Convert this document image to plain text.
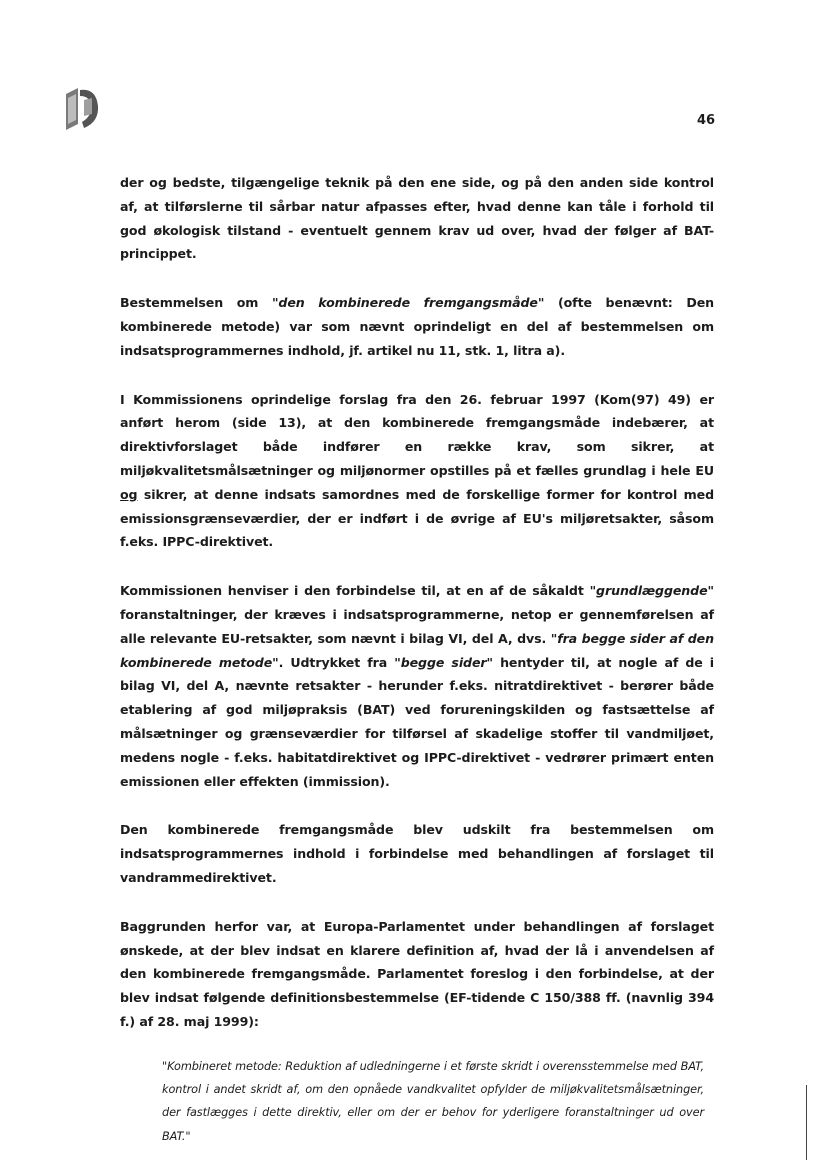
46

der og bedste, tilgængelige teknik på den ene side, og på den anden side kontrol af, at tilførslerne til sårbar natur afpasses efter, hvad denne kan tåle i forhold til god økologisk tilstand - eventuelt gennem krav ud over, hvad der følger af BAT-princippet.

Bestemmelsen om "den kombinerede fremgangsmåde" (ofte benævnt: Den kombinerede metode) var som nævnt oprindeligt en del af bestemmelsen om indsatsprogrammernes indhold, jf. artikel nu 11, stk. 1, litra a).

I Kommissionens oprindelige forslag fra den 26. februar 1997 (Kom(97) 49) er anført herom (side 13), at den kombinerede fremgangsmåde indebærer, at direktivforslaget både indfører en række krav, som sikrer, at miljøkvalitetsmålsætninger og miljønormer opstilles på et fælles grundlag i hele EU og sikrer, at denne indsats samordnes med de forskellige former for kontrol med emissionsgrænseværdier, der er indført i de øvrige af EU's miljøretsakter, såsom f.eks. IPPC-direktivet.

Kommissionen henviser i den forbindelse til, at en af de såkaldt "grundlæggende" foranstaltninger, der kræves i indsatsprogrammerne, netop er gennemførelsen af alle relevante EU-retsakter, som nævnt i bilag VI, del A, dvs. "fra begge sider af den kombinerede metode". Udtrykket fra "begge sider" hentyder til, at nogle af de i bilag VI, del A, nævnte retsakter - herunder f.eks. nitratdirektivet - berører både etablering af god miljøpraksis (BAT) ved forureningskilden og fastsættelse af målsætninger og grænseværdier for tilførsel af skadelige stoffer til vandmiljøet, medens nogle - f.eks. habitatdirektivet og IPPC-direktivet - vedrører primært enten emissionen eller effekten (immission).

Den kombinerede fremgangsmåde blev udskilt fra bestemmelsen om indsatsprogrammernes indhold i forbindelse med behandlingen af forslaget til vandrammedirektivet.

Baggrunden herfor var, at Europa-Parlamentet under behandlingen af forslaget ønskede, at der blev indsat en klarere definition af, hvad der lå i anvendelsen af den kombinerede fremgangsmåde. Parlamentet foreslog i den forbindelse, at der blev indsat følgende definitionsbestemmelse (EF-tidende C 150/388 ff. (navnlig 394 f.) af 28. maj 1999):

"Kombineret metode: Reduktion af udledningerne i et første skridt i overensstemmelse med BAT, kontrol i andet skridt af, om den opnåede vandkvalitet opfylder de miljøkvalitetsmålsætninger, der fastlægges i dette direktiv, eller om der er behov for yderligere foranstaltninger ud over BAT."
